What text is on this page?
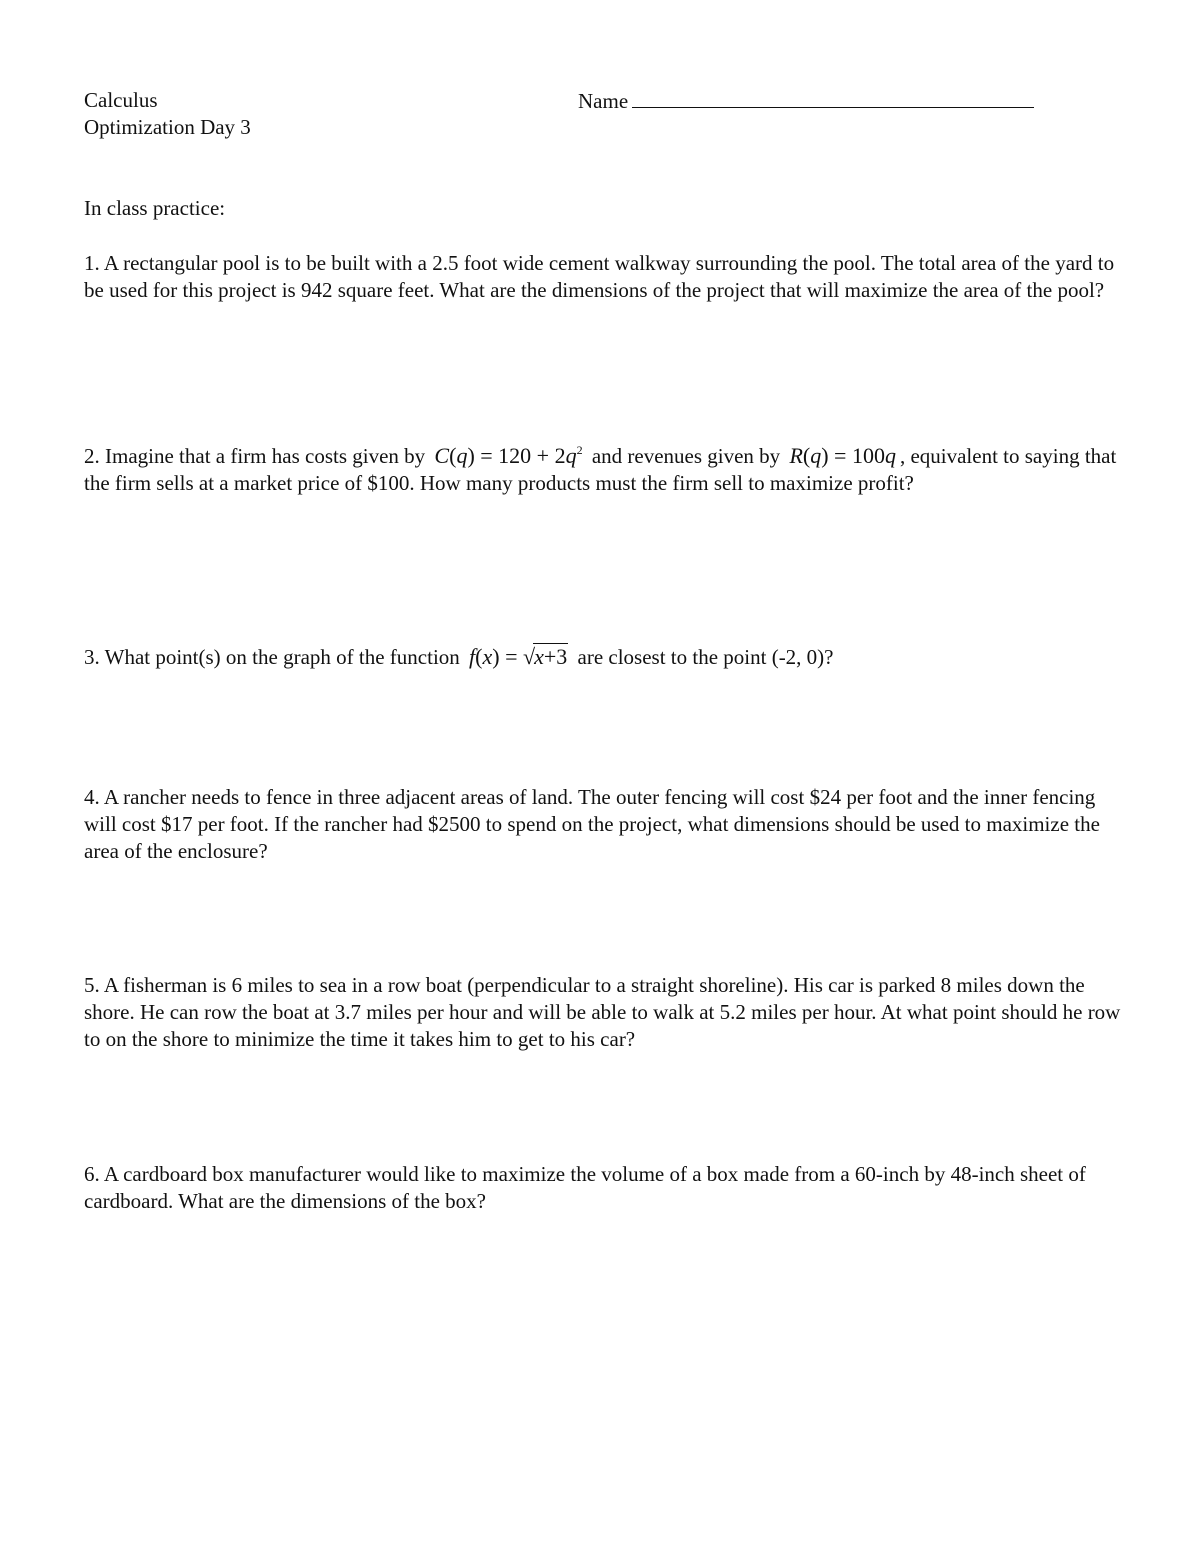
Calculus
Optimization Day 3
Name
In class practice:
1. A rectangular pool is to be built with a 2.5 foot wide cement walkway surrounding the pool. The total area of the yard to be used for this project is 942 square feet. What are the dimensions of the project that will maximize the area of the pool?
2. Imagine that a firm has costs given by $C(q) = 120 + 2q^2$ and revenues given by R(q) = 100q , equivalent to saying that the firm sells at a market price of $100. How many products must the firm sell to maximize profit?
3. What point(s) on the graph of the function f(x) = √x+3 are closest to the point (-2, 0)?
4. A rancher needs to fence in three adjacent areas of land. The outer fencing will cost $24 per foot and the inner fencing will cost $17 per foot. If the rancher had $2500 to spend on the project, what dimensions should be used to maximize the area of the enclosure?
5. A fisherman is 6 miles to sea in a row boat (perpendicular to a straight shoreline). His car is parked 8 miles down the shore. He can row the boat at 3.7 miles per hour and will be able to walk at 5.2 miles per hour. At what point should he row to on the shore to minimize the time it takes him to get to his car?
6. A cardboard box manufacturer would like to maximize the volume of a box made from a 60-inch by 48-inch sheet of cardboard. What are the dimensions of the box?
